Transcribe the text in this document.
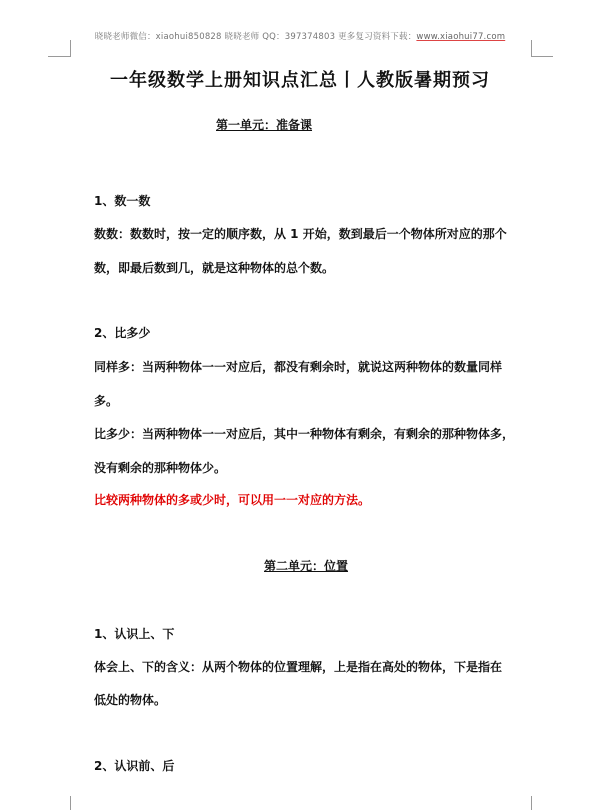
晓晓老师微信：xiaohui850828 晓晓老师 QQ：397374803 更多复习资料下载：www.xiaohui77.com
一年级数学上册知识点汇总丨人教版暑期预习
第一单元：准备课
1、数一数
数数：数数时，按一定的顺序数，从 1 开始，数到最后一个物体所对应的那个
数，即最后数到几，就是这种物体的总个数。
2、比多少
同样多：当两种物体一一对应后，都没有剩余时，就说这两种物体的数量同样
多。
比多少：当两种物体一一对应后，其中一种物体有剩余，有剩余的那种物体多，
没有剩余的那种物体少。
比较两种物体的多或少时，可以用一一对应的方法。
第二单元：位置
1、认识上、下
体会上、下的含义：从两个物体的位置理解，上是指在高处的物体，下是指在
低处的物体。
2、认识前、后
